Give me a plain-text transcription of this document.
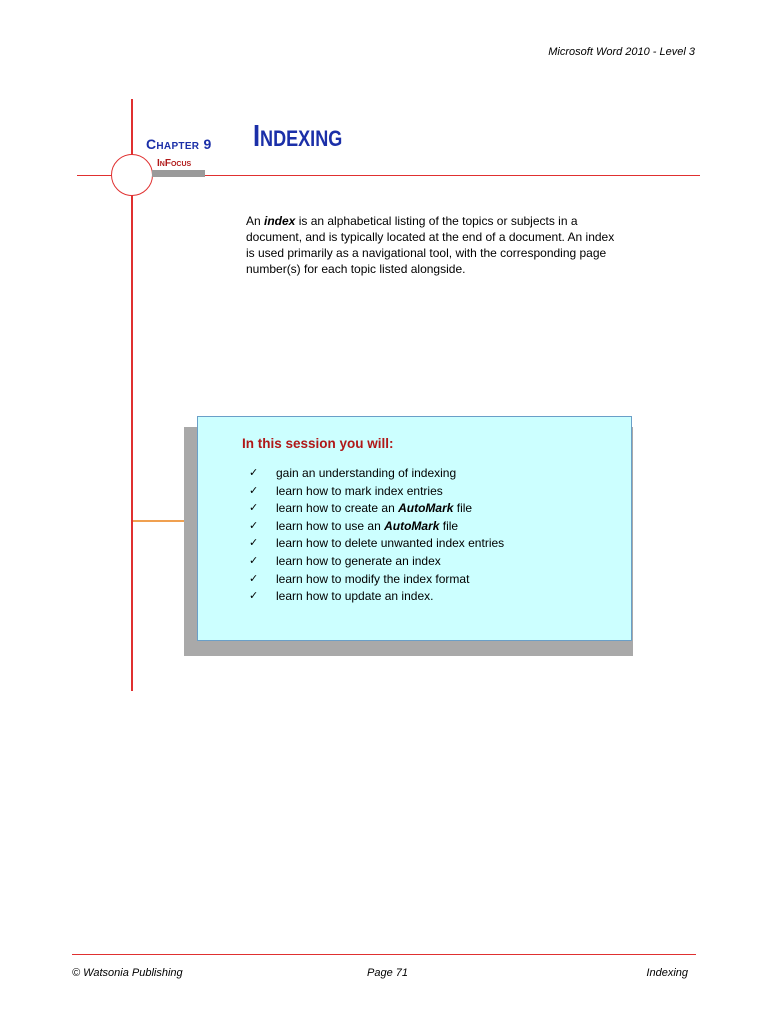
Microsoft Word 2010 - Level 3
Chapter 9 Indexing
InFocus
An index is an alphabetical listing of the topics or subjects in a document, and is typically located at the end of a document. An index is used primarily as a navigational tool, with the corresponding page number(s) for each topic listed alongside.
In this session you will:
✓	gain an understanding of indexing
✓	learn how to mark index entries
✓	learn how to create an AutoMark file
✓	learn how to use an AutoMark file
✓	learn how to delete unwanted index entries
✓	learn how to generate an index
✓	learn how to modify the index format
✓	learn how to update an index.
© Watsonia Publishing	Page 71	Indexing
